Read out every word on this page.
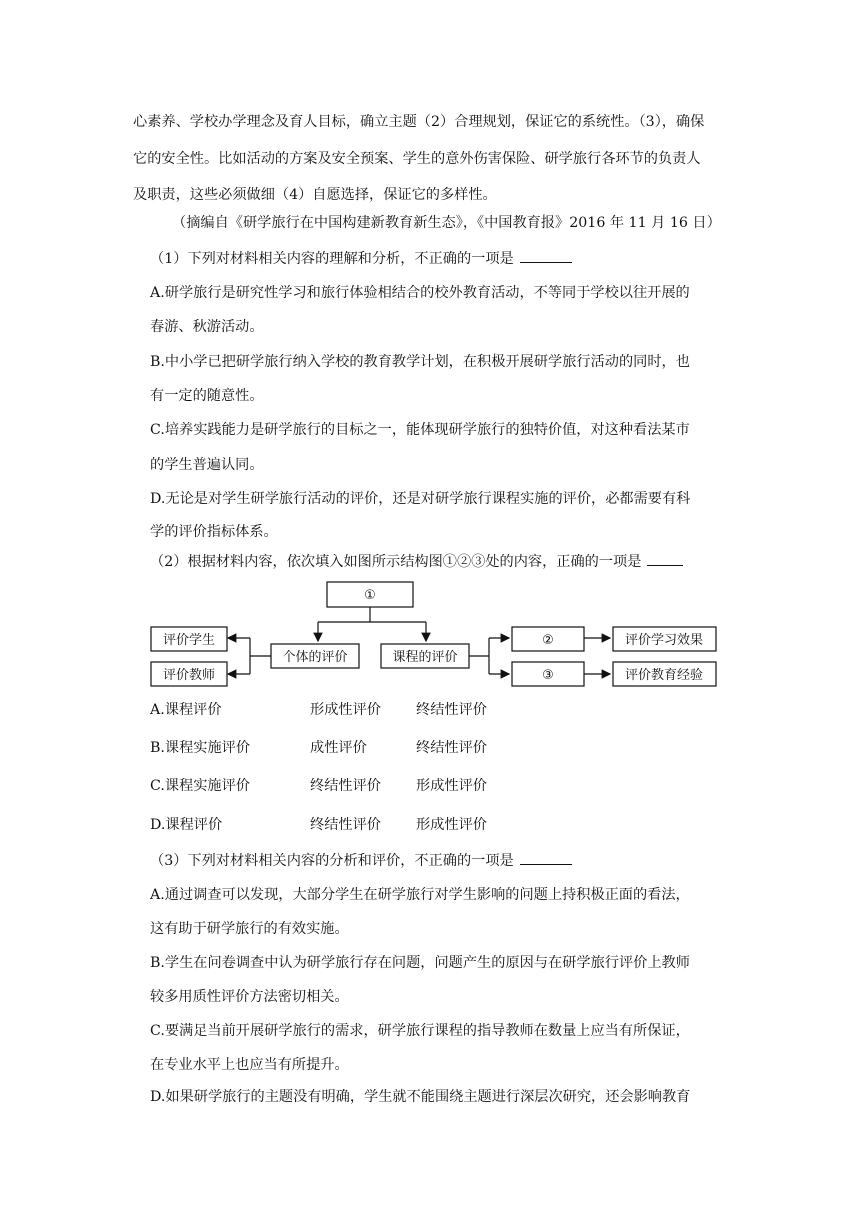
心素养、学校办学理念及育人目标，确立主题（2）合理规划，保证它的系统性。（3），确保
它的安全性。比如活动的方案及安全预案、学生的意外伤害保险、研学旅行各环节的负责人
及职责，这些必须做细（4）自愿选择，保证它的多样性。
（摘编自《研学旅行在中国构建新教育新生态》，《中国教育报》2016 年 11 月 16 日）
（1）下列对材料相关内容的理解和分析，不正确的一项是
A.研学旅行是研究性学习和旅行体验相结合的校外教育活动，不等同于学校以往开展的
春游、秋游活动。
B.中小学已把研学旅行纳入学校的教育教学计划，在积极开展研学旅行活动的同时，也
有一定的随意性。
C.培养实践能力是研学旅行的目标之一，能体现研学旅行的独特价值，对这种看法某市
的学生普遍认同。
D.无论是对学生研学旅行活动的评价，还是对研学旅行课程实施的评价，必都需要有科
学的评价指标体系。
（2）根据材料内容，依次填入如图所示结构图①②③处的内容，正确的一项是
①
个体的评价	课程的评价
评价学生
评价教师
②
③
评价学习效果
评价教育经验
A.课程评价	形成性评价 终结性评价
B.课程实施评价	成性评价	终结性评价
C.课程实施评价	终结性评价 形成性评价
D.课程评价	终结性评价 形成性评价
（3）下列对材料相关内容的分析和评价，不正确的一项是
A.通过调查可以发现，大部分学生在研学旅行对学生影响的问题上持积极正面的看法，
这有助于研学旅行的有效实施。
B.学生在问卷调查中认为研学旅行存在问题，问题产生的原因与在研学旅行评价上教师
较多用质性评价方法密切相关。
C.要满足当前开展研学旅行的需求，研学旅行课程的指导教师在数量上应当有所保证，
在专业水平上也应当有所提升。
D.如果研学旅行的主题没有明确，学生就不能围绕主题进行深层次研究，还会影响教育
